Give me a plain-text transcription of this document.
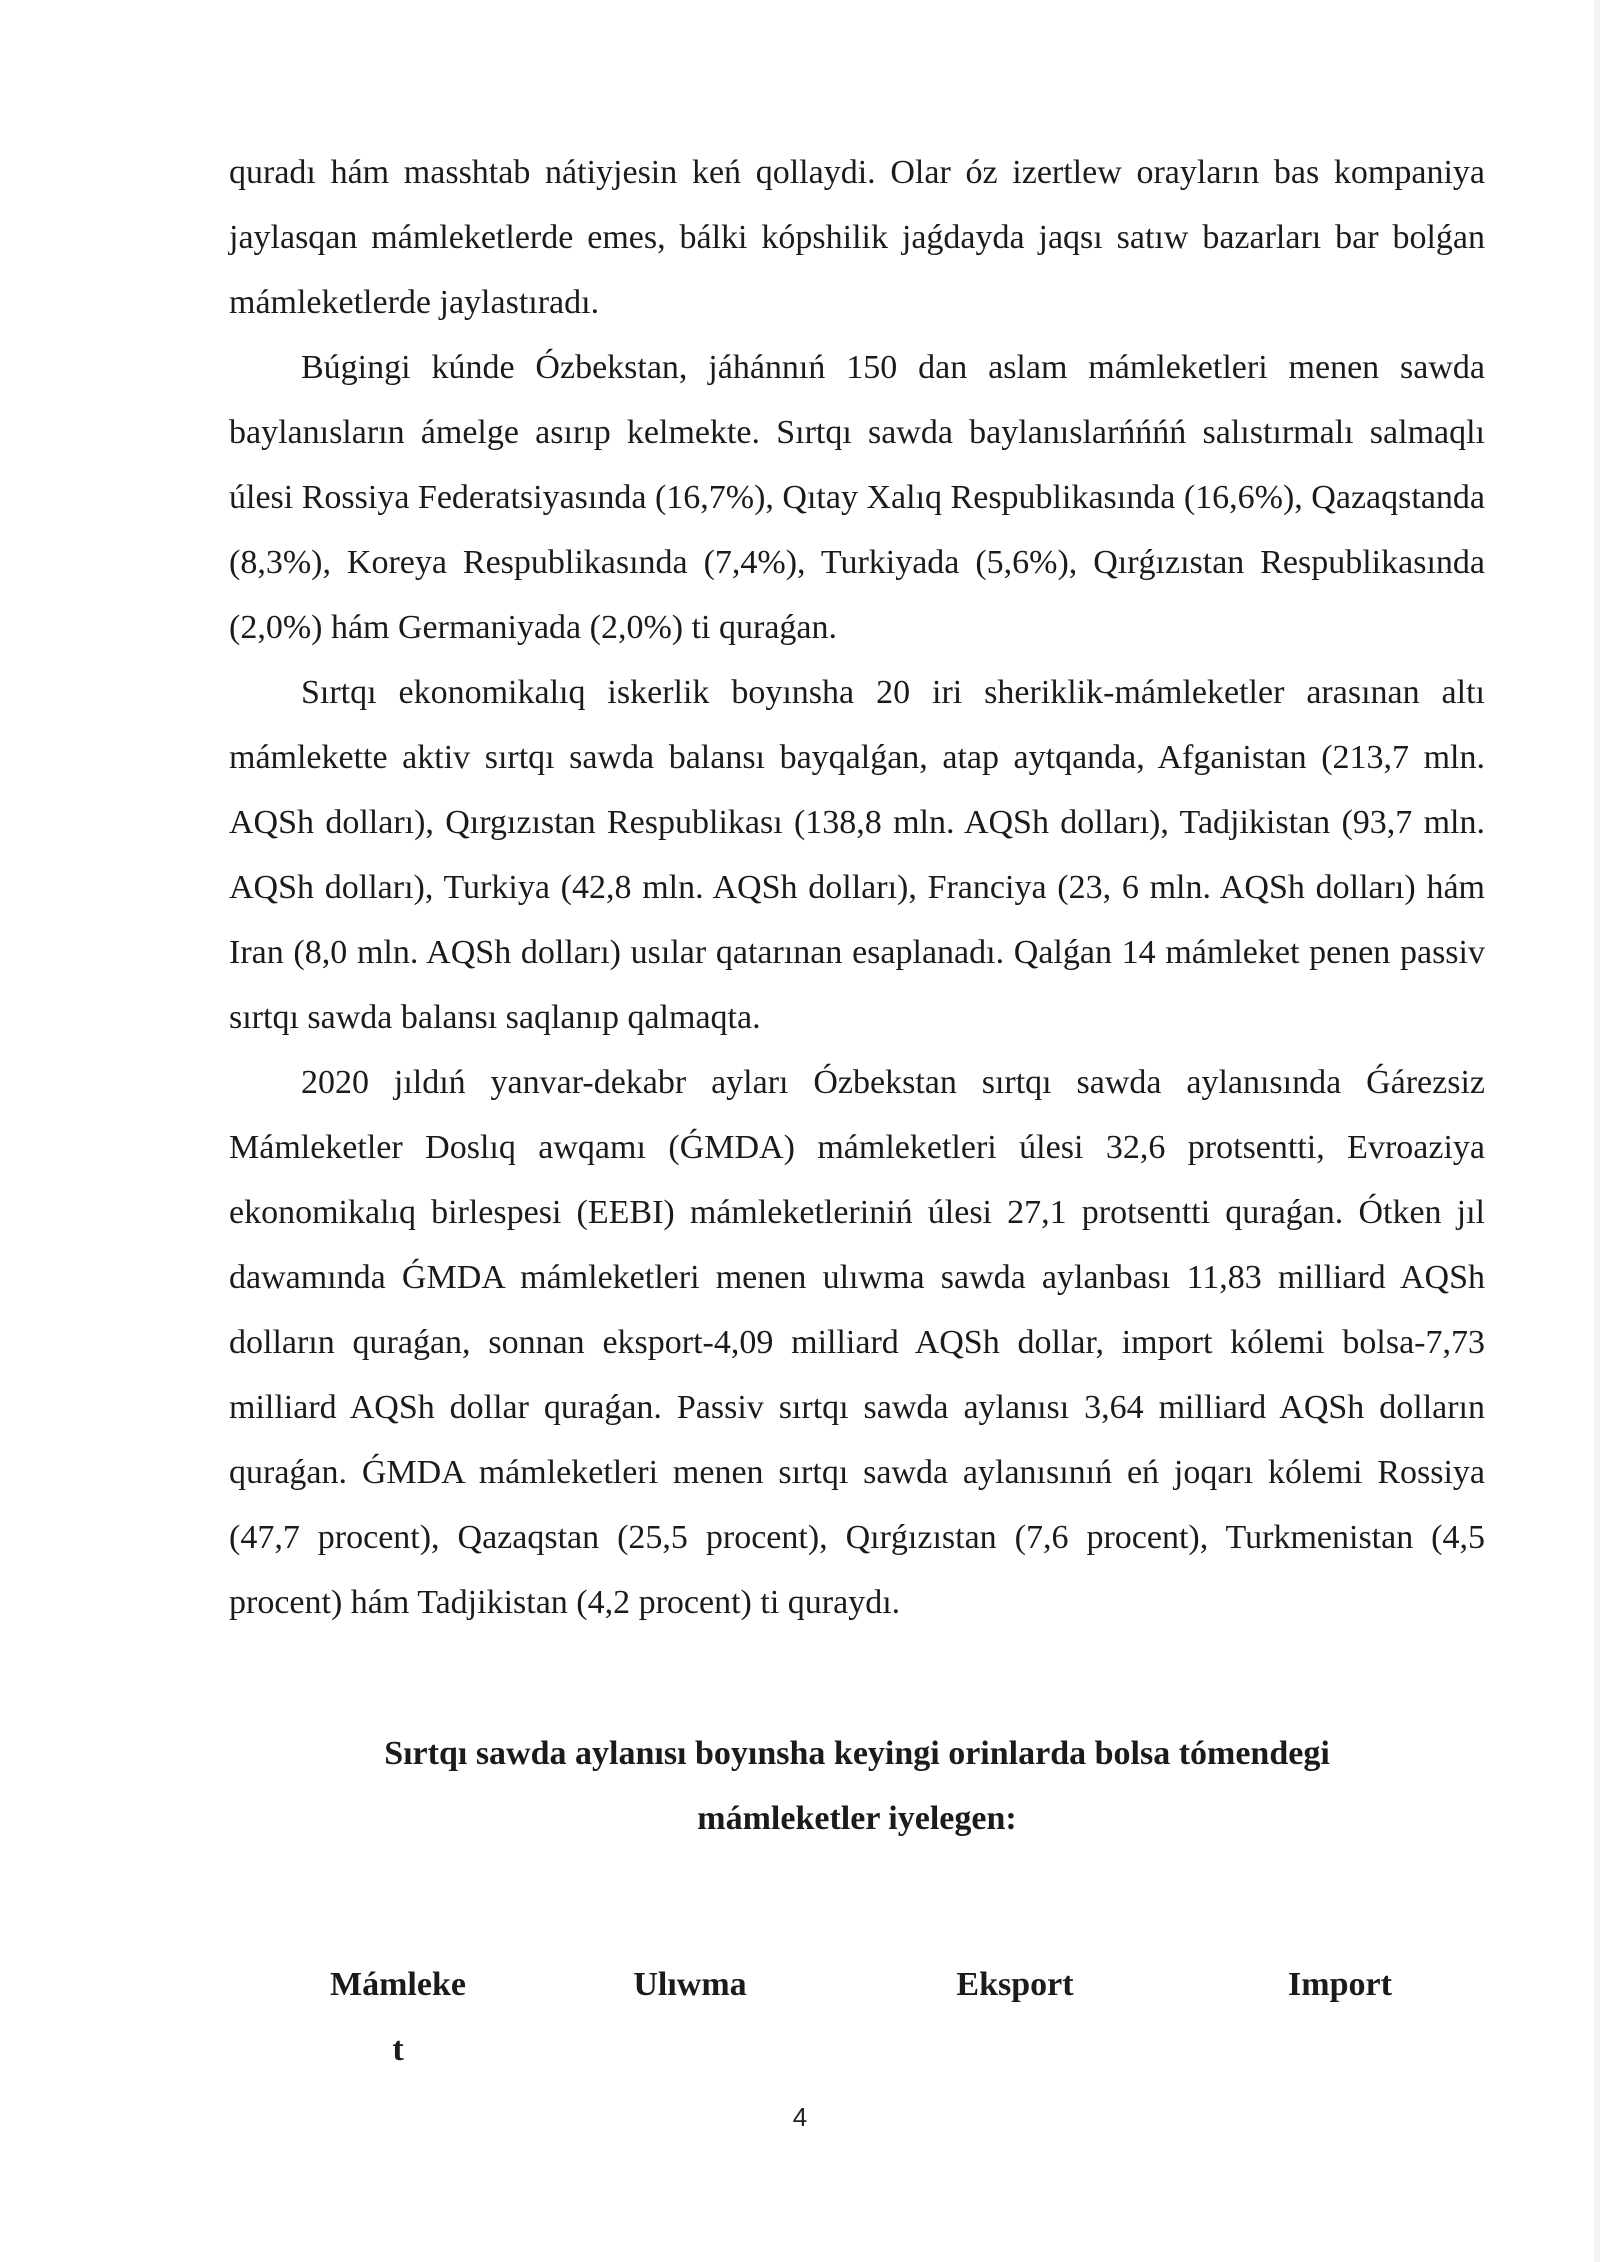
quradı hám masshtab nátiyjesin keń qollaydi. Olar óz izertlew orayların bas kompaniya jaylasqan mámleketlerde emes, bálki kópshilik jaǵdayda jaqsı satıw bazarları bar bolǵan mámleketlerde jaylastıradı.

Búgingi kúnde Ózbekstan, jáhánnıń 150 dan aslam mámleketleri menen sawda baylanısların ámelge asırıp kelmekte. Sırtqı sawda baylanıslarńńńń salıstırmalı salmaqlı úlesi Rossiya Federatsiyasında (16,7%), Qıtay Xalıq Respublikasında (16,6%), Qazaqstanda (8,3%), Koreya Respublikasında (7,4%), Turkiyada (5,6%), Qırǵızıstan Respublikasında (2,0%) hám Germaniyada (2,0%) ti quraǵan.

Sırtqı ekonomikalıq iskerlik boyınsha 20 iri sheriklik-mámleketler arasınan altı mámlekette aktiv sırtqı sawda balansı bayqalǵan, atap aytqanda, Afganistan (213,7 mln. AQSh dolları), Qırgızıstan Respublikası (138,8 mln. AQSh dolları), Tadjikistan (93,7 mln. AQSh dolları), Turkiya (42,8 mln. AQSh dolları), Franciya (23, 6 mln. AQSh dolları) hám Iran (8,0 mln. AQSh dolları) usılar qatarınan esaplanadı. Qalǵan 14 mámleket penen passiv sırtqı sawda balansı saqlanıp qalmaqta.

2020 jıldıń yanvar-dekabr ayları Ózbekstan sırtqı sawda aylanısında Ǵárezsiz Mámleketler Doslıq awqamı (ǴMDA) mámleketleri úlesi 32,6 protsentti, Evroaziya ekonomikalıq birlespesi (EEBI) mámleketleriniń úlesi 27,1 protsentti quraǵan. Ótken jıl dawamında ǴMDA mámleketleri menen ulıwma sawda aylanbası 11,83 milliard AQSh dolların quraǵan, sonnan eksport-4,09 milliard AQSh dollar, import kólemi bolsa-7,73 milliard AQSh dollar quraǵan. Passiv sırtqı sawda aylanısı 3,64 milliard AQSh dolların quraǵan. ǴMDA mámleketleri menen sırtqı sawda aylanısınıń eń joqarı kólemi Rossiya (47,7 procent), Qazaqstan (25,5 procent), Qırǵızıstan (7,6 procent), Turkmenistan (4,5 procent) hám Tadjikistan (4,2 procent) ti quraydı.

Sırtqı sawda aylanısı boyınsha keyingi orinlarda bolsa tómendegi mámleketler iyelegen:
Mámleke
t
Ulıwma	Eksport	Import
4
